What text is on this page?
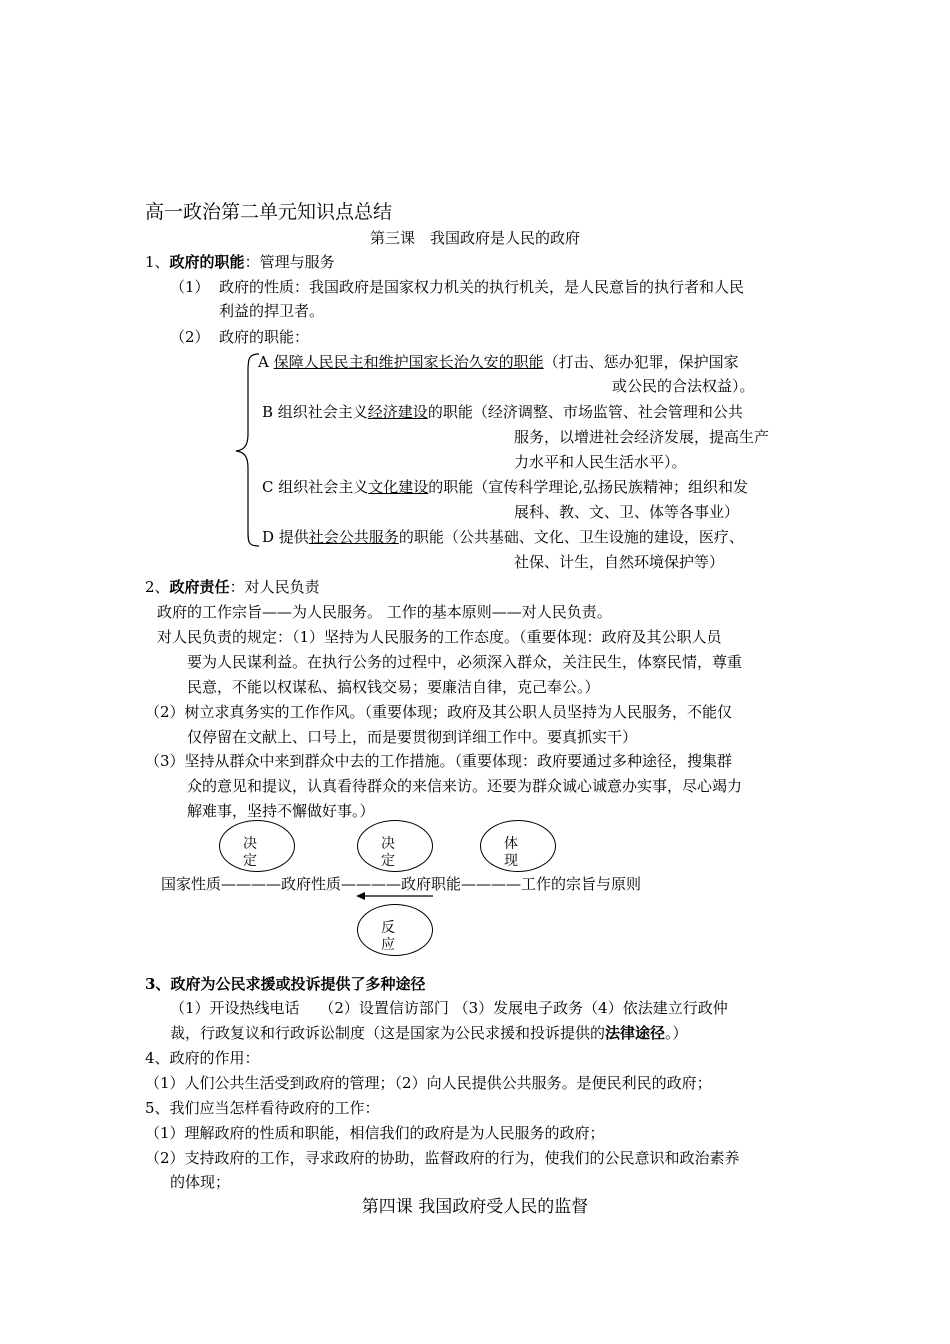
高一政治第二单元知识点总结
第三课　我国政府是人民的政府
1、政府的职能：管理与服务
（1） 政府的性质：我国政府是国家权力机关的执行机关，是人民意旨的执行者和人民
利益的捍卫者。
（2） 政府的职能：
A 保障人民民主和维护国家长治久安的职能（打击、惩办犯罪，保护国家
或公民的合法权益）。
B 组织社会主义经济建设的职能（经济调整、市场监管、社会管理和公共
服务，以增进社会经济发展，提高生产
力水平和人民生活水平）。
C 组织社会主义文化建设的职能（宣传科学理论,弘扬民族精神；组织和发
展科、教、文、卫、体等各事业）
D 提供社会公共服务的职能（公共基础、文化、卫生设施的建设，医疗、
社保、计生，自然环境保护等）
2、政府责任：对人民负责
政府的工作宗旨——为人民服务。 工作的基本原则——对人民负责。
对人民负责的规定：（1）坚持为人民服务的工作态度。（重要体现：政府及其公职人员
要为人民谋利益。在执行公务的过程中，必须深入群众，关注民生，体察民情，尊重
民意，不能以权谋私、搞权钱交易；要廉洁自律，克己奉公。）
（2）树立求真务实的工作作风。（重要体现；政府及其公职人员坚持为人民服务，不能仅
仅停留在文献上、口号上，而是要贯彻到详细工作中。要真抓实干）
（3）坚持从群众中来到群众中去的工作措施。（重要体现：政府要通过多种途径，搜集群
众的意见和提议，认真看待群众的来信来访。还要为群众诚心诚意办实事，尽心竭力
解难事，坚持不懈做好事。）
决
定
决
定
体
现
国家性质————政府性质————政府职能————工作的宗旨与原则
反
应
3、政府为公民求援或投诉提供了多种途径
（1）开设热线电话　 （2）设置信访部门 （3）发展电子政务（4）依法建立行政仲
裁，行政复议和行政诉讼制度（这是国家为公民求援和投诉提供的法律途径。）
4、政府的作用：
（1）人们公共生活受到政府的管理；（2）向人民提供公共服务。是便民利民的政府；
5、我们应当怎样看待政府的工作：
（1）理解政府的性质和职能，相信我们的政府是为人民服务的政府；
（2）支持政府的工作，寻求政府的协助，监督政府的行为，使我们的公民意识和政治素养
的体现；
第四课 我国政府受人民的监督
